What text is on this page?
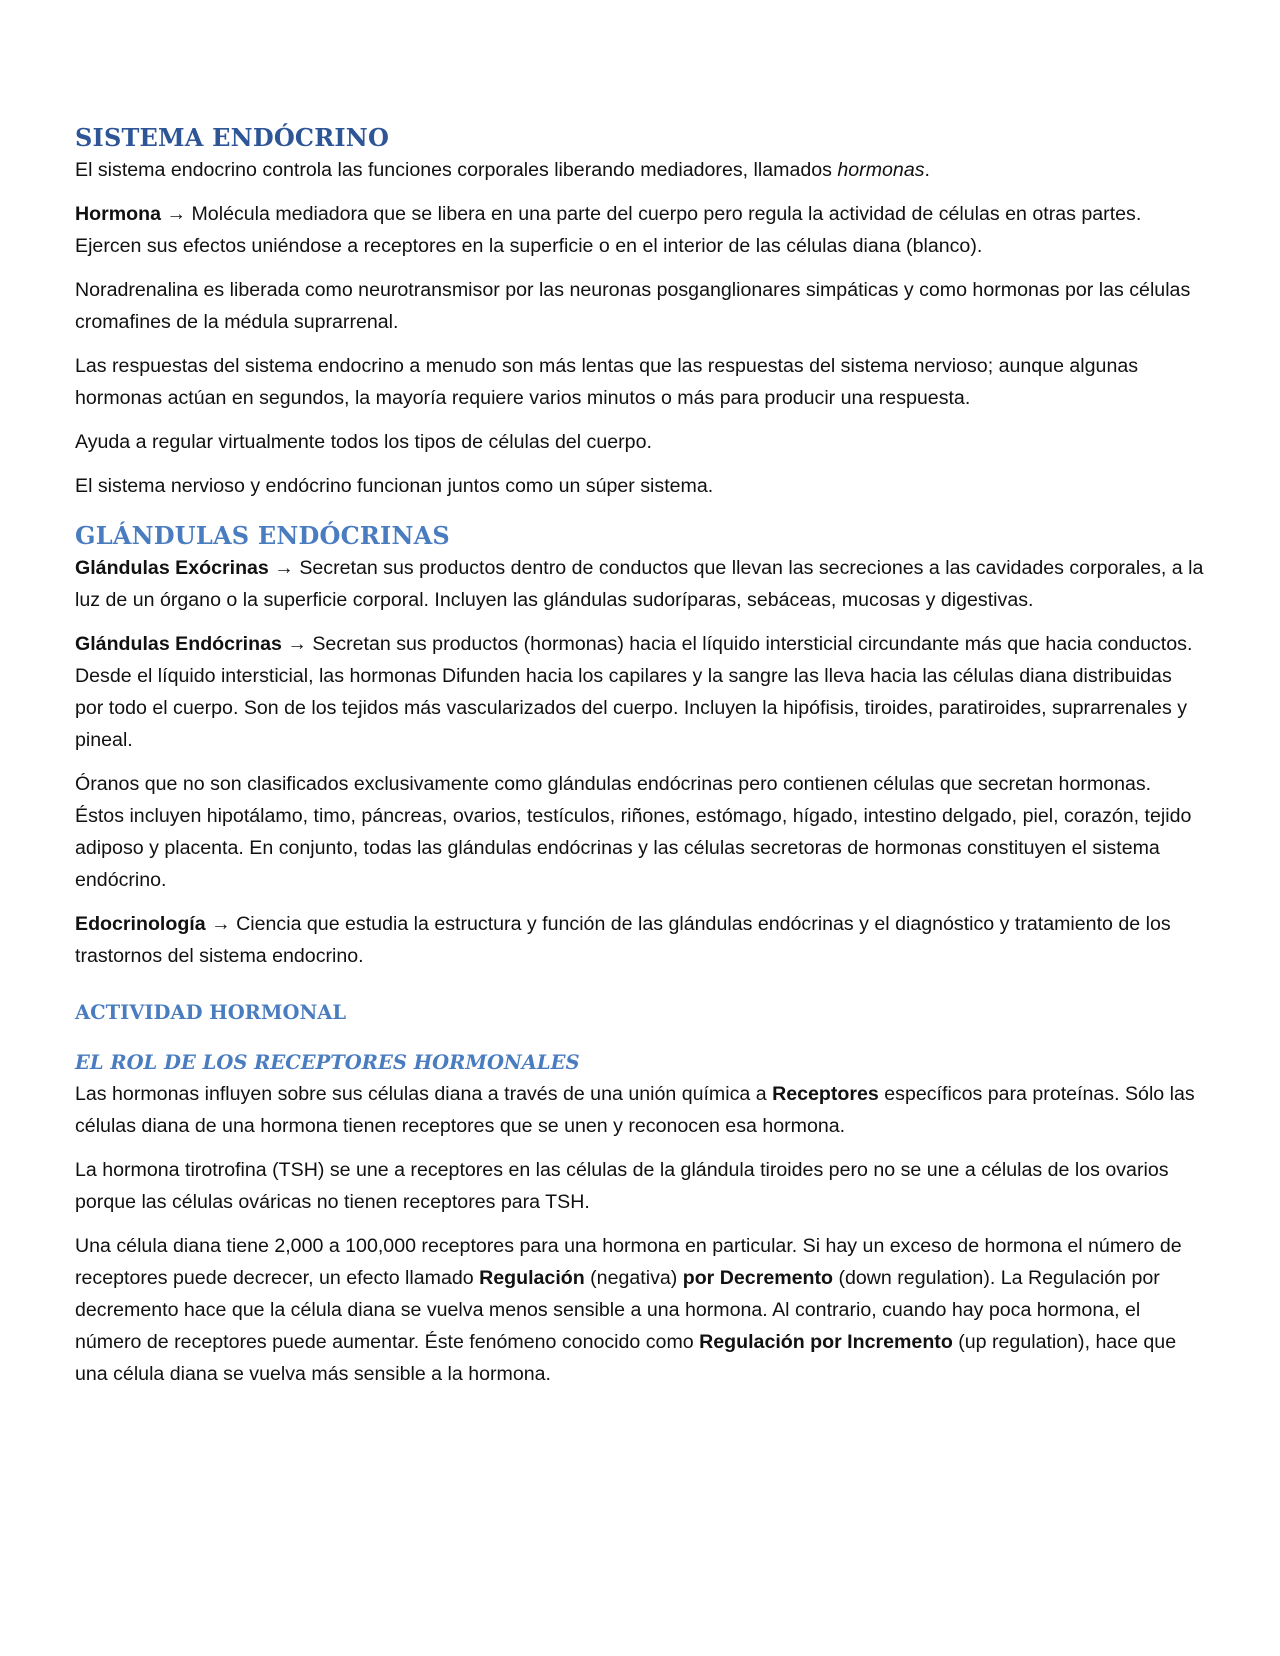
SISTEMA ENDÓCRINO

El sistema endocrino controla las funciones corporales liberando mediadores, llamados hormonas.

Hormona → Molécula mediadora que se libera en una parte del cuerpo pero regula la actividad de células en otras partes. Ejercen sus efectos uniéndose a receptores en la superficie o en el interior de las células diana (blanco).

Noradrenalina es liberada como neurotransmisor por las neuronas posganglionares simpáticas y como hormonas por las células cromafines de la médula suprarrenal.

Las respuestas del sistema endocrino a menudo son más lentas que las respuestas del sistema nervioso; aunque algunas hormonas actúan en segundos, la mayoría requiere varios minutos o más para producir una respuesta.

Ayuda a regular virtualmente todos los tipos de células del cuerpo.

El sistema nervioso y endócrino funcionan juntos como un súper sistema.

GLÁNDULAS ENDÓCRINAS

Glándulas Exócrinas → Secretan sus productos dentro de conductos que llevan las secreciones a las cavidades corporales, a la luz de un órgano o la superficie corporal. Incluyen las glándulas sudoríparas, sebáceas, mucosas y digestivas.

Glándulas Endócrinas → Secretan sus productos (hormonas) hacia el líquido intersticial circundante más que hacia conductos. Desde el líquido intersticial, las hormonas Difunden hacia los capilares y la sangre las lleva hacia las células diana distribuidas por todo el cuerpo. Son de los tejidos más vascularizados del cuerpo. Incluyen la hipófisis, tiroides, paratiroides, suprarrenales y pineal.

Óranos que no son clasificados exclusivamente como glándulas endócrinas pero contienen células que secretan hormonas. Éstos incluyen hipotálamo, timo, páncreas, ovarios, testículos, riñones, estómago, hígado, intestino delgado, piel, corazón, tejido adiposo y placenta. En conjunto, todas las glándulas endócrinas y las células secretoras de hormonas constituyen el sistema endócrino.

Edocrinología → Ciencia que estudia la estructura y función de las glándulas endócrinas y el diagnóstico y tratamiento de los trastornos del sistema endocrino.

ACTIVIDAD HORMONAL
EL ROL DE LOS RECEPTORES HORMONALES

Las hormonas influyen sobre sus células diana a través de una unión química a Receptores específicos para proteínas. Sólo las células diana de una hormona tienen receptores que se unen y reconocen esa hormona.

La hormona tirotrofina (TSH) se une a receptores en las células de la glándula tiroides pero no se une a células de los ovarios porque las células ováricas no tienen receptores para TSH.

Una célula diana tiene 2,000 a 100,000 receptores para una hormona en particular. Si hay un exceso de hormona el número de receptores puede decrecer, un efecto llamado Regulación (negativa) por Decremento (down regulation). La Regulación por decremento hace que la célula diana se vuelva menos sensible a una hormona. Al contrario, cuando hay poca hormona, el número de receptores puede aumentar. Éste fenómeno conocido como Regulación por Incremento (up regulation), hace que una célula diana se vuelva más sensible a la hormona.
